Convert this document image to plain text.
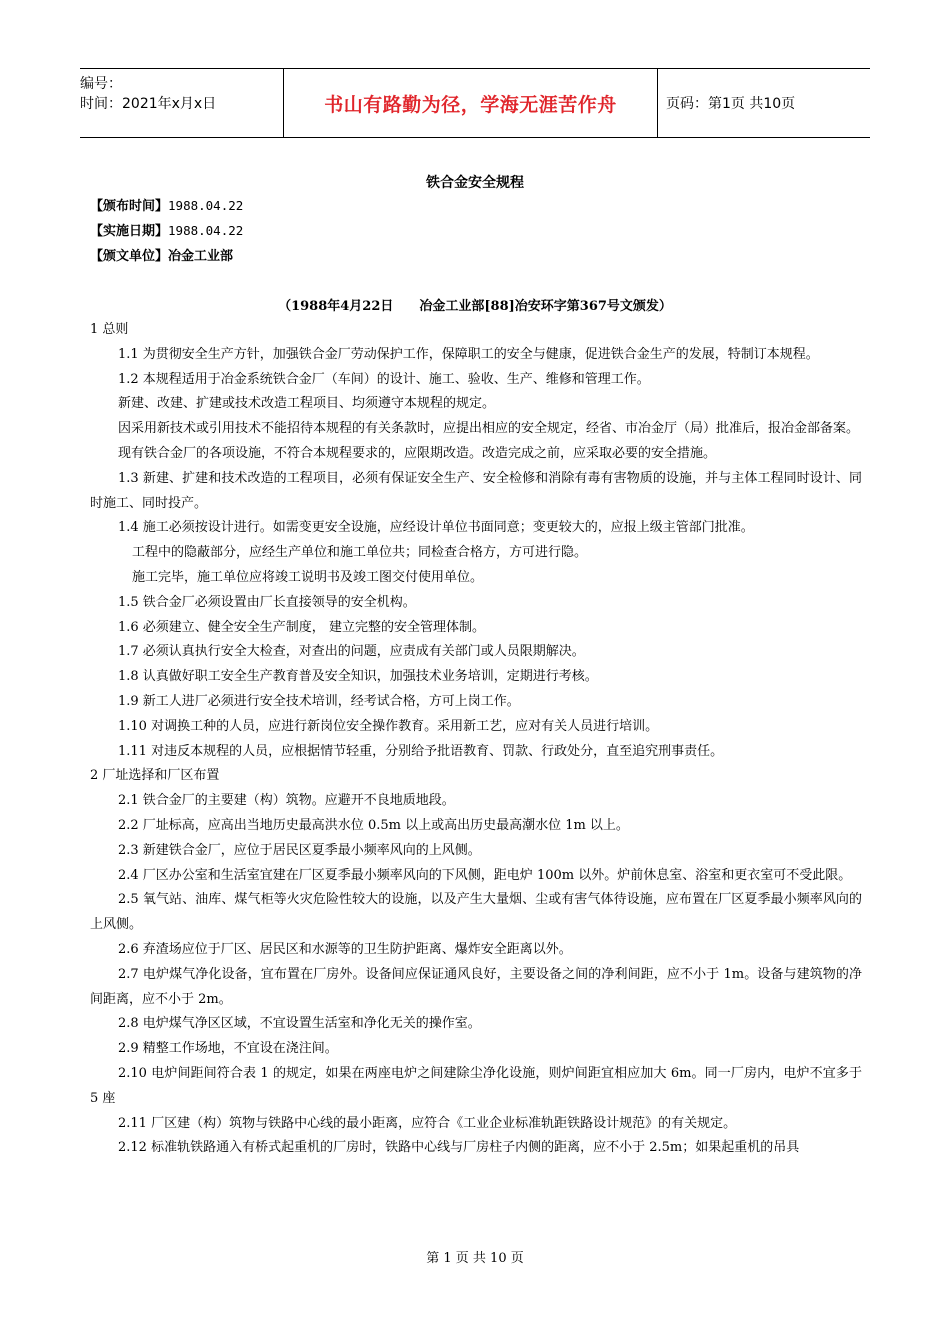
编号：
时间：2021年x月x日	书山有路勤为径，学海无涯苦作舟	页码：第1页 共10页
铁合金安全规程
【颁布时间】1988.04.22
【实施日期】1988.04.22
【颁文单位】冶金工业部
（1988年4月22日　　冶金工业部[88]冶安环字第367号文颁发）

1 总则

1.1 为贯彻安全生产方针，加强铁合金厂劳动保护工作，保障职工的安全与健康，促进铁合金生产的发展，特制订本规程。

1.2 本规程适用于冶金系统铁合金厂（车间）的设计、施工、验收、生产、维修和管理工作。

新建、改建、扩建或技术改造工程项目、均须遵守本规程的规定。

因采用新技术或引用技术不能招待本规程的有关条款时，应提出相应的安全规定，经省、市冶金厅（局）批准后，报冶金部备案。

现有铁合金厂的各项设施，不符合本规程要求的，应限期改造。改造完成之前，应采取必要的安全措施。

1.3 新建、扩建和技术改造的工程项目，必须有保证安全生产、安全检修和消除有毒有害物质的设施，并与主体工程同时设计、同时施工、同时投产。

1.4 施工必须按设计进行。如需变更安全设施，应经设计单位书面同意；变更较大的，应报上级主管部门批准。

工程中的隐蔽部分，应经生产单位和施工单位共；同检查合格方，方可进行隐。

施工完毕，施工单位应将竣工说明书及竣工图交付使用单位。

1.5 铁合金厂必须设置由厂长直接领导的安全机构。

1.6 必须建立、健全安全生产制度， 建立完整的安全管理体制。

1.7 必须认真执行安全大检查，对查出的问题，应责成有关部门或人员限期解决。

1.8 认真做好职工安全生产教育普及安全知识，加强技术业务培训，定期进行考核。

1.9 新工人进厂必须进行安全技术培训，经考试合格，方可上岗工作。

1.10 对调换工种的人员，应进行新岗位安全操作教育。采用新工艺，应对有关人员进行培训。

1.11 对违反本规程的人员，应根据情节轻重，分别给予批语教育、罚款、行政处分，直至追究刑事责任。

2 厂址选择和厂区布置

2.1 铁合金厂的主要建（构）筑物。应避开不良地质地段。

2.2 厂址标高，应高出当地历史最高洪水位 0.5m 以上或高出历史最高潮水位 1m 以上。

2.3 新建铁合金厂，应位于居民区夏季最小频率风向的上风侧。

2.4 厂区办公室和生活室宜建在厂区夏季最小频率风向的下风侧，距电炉 100m 以外。炉前休息室、浴室和更衣室可不受此限。

2.5 氧气站、油库、煤气柜等火灾危险性较大的设施，以及产生大量烟、尘或有害气体待设施，应布置在厂区夏季最小频率风向的上风侧。

2.6 弃渣场应位于厂区、居民区和水源等的卫生防护距离、爆炸安全距离以外。

2.7 电炉煤气净化设备，宜布置在厂房外。设备间应保证通风良好，主要设备之间的净利间距，应不小于 1m。设备与建筑物的净间距离，应不小于 2m。

2.8 电炉煤气净区区域，不宜设置生活室和净化无关的操作室。

2.9 精整工作场地，不宜设在浇注间。

2.10 电炉间距间符合表 1 的规定，如果在两座电炉之间建除尘净化设施，则炉间距宜相应加大 6m。同一厂房内，电炉不宜多于 5 座

2.11 厂区建（构）筑物与铁路中心线的最小距离，应符合《工业企业标准轨距铁路设计规范》的有关规定。

2.12 标准轨铁路通入有桥式起重机的厂房时，铁路中心线与厂房柱子内侧的距离，应不小于 2.5m；如果起重机的吊具

第 1 页 共 10 页
